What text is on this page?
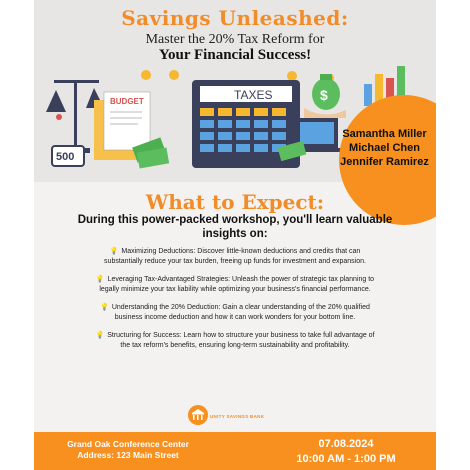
Savings Unleashed:
Master the 20% Tax Reform for
Your Financial Success!
BUDGET
500
TAXES	$
Samantha Miller
Michael Chen
Jennifer Ramirez
What to Expect:
During this power-packed workshop, you'll learn valuable insights on:
💡 Maximizing Deductions: Discover little-known deductions and credits that can substantially reduce your tax burden, freeing up funds for investment and expansion.
💡 Leveraging Tax-Advantaged Strategies: Unleash the power of strategic tax planning to legally minimize your tax liability while optimizing your business's financial performance.
💡 Understanding the 20% Deduction: Gain a clear understanding of the 20% qualified business income deduction and how it can work wonders for your bottom line.
💡 Structuring for Success: Learn how to structure your business to take full advantage of the tax reform's benefits, ensuring long-term sustainability and profitability.
UNITY SAVINGS BANK
Grand Oak Conference Center
Address: 123 Main Street
07.08.2024
10:00 AM - 1:00 PM
